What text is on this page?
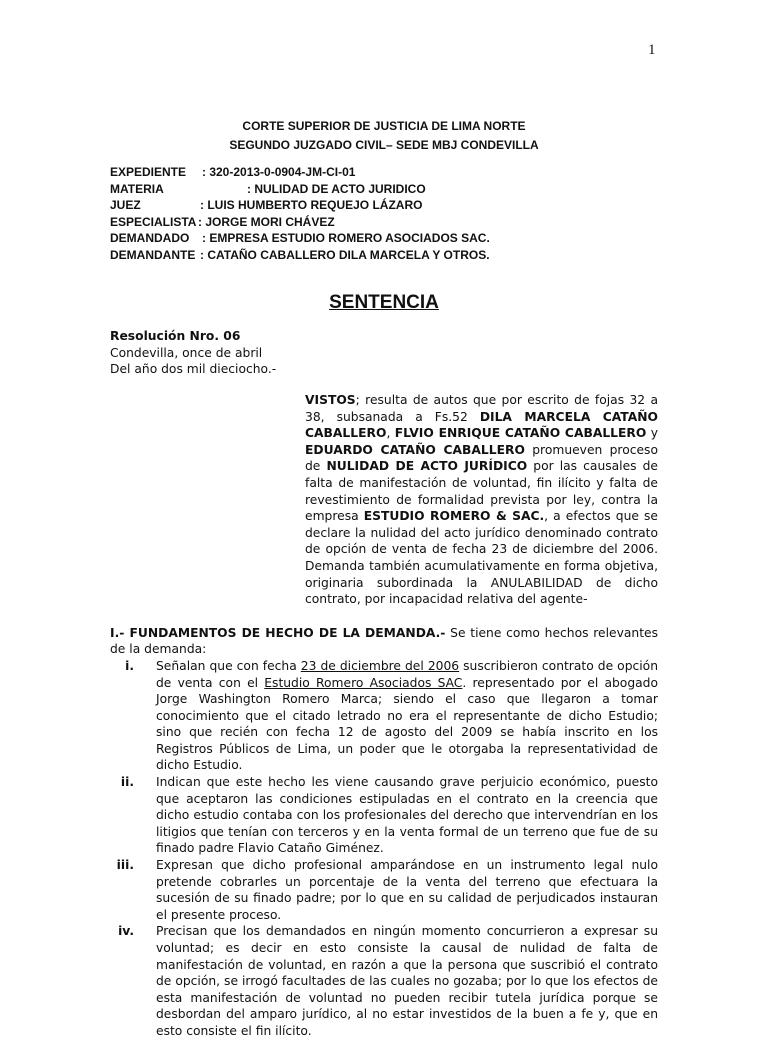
1
CORTE SUPERIOR DE JUSTICIA DE LIMA NORTE
SEGUNDO JUZGADO CIVIL– SEDE MBJ CONDEVILLA
EXPEDIENTE : 320-2013-0-0904-JM-CI-01
MATERIA	: NULIDAD DE ACTO JURIDICO
JUEZ	: LUIS HUMBERTO REQUEJO LÁZARO
ESPECIALISTA : JORGE MORI CHÁVEZ
DEMANDADO : EMPRESA ESTUDIO ROMERO ASOCIADOS SAC.
DEMANDANTE : CATAÑO CABALLERO DILA MARCELA Y OTROS.
SENTENCIA
Resolución Nro. 06
Condevilla, once de abril
Del año dos mil dieciocho.-

VISTOS; resulta de autos que por escrito de fojas 32 a 38, subsanada a Fs.52 DILA MARCELA CATAÑO CABALLERO, FLVIO ENRIQUE CATAÑO CABALLERO y EDUARDO CATAÑO CABALLERO promueven proceso de NULIDAD DE ACTO JURÍDICO por las causales de falta de manifestación de voluntad, fin ilícito y falta de revestimiento de formalidad prevista por ley, contra la empresa ESTUDIO ROMERO & SAC., a efectos que se declare la nulidad del acto jurídico denominado contrato de opción de venta de fecha 23 de diciembre del 2006. Demanda también acumulativamente en forma objetiva, originaria subordinada la ANULABILIDAD de dicho contrato, por incapacidad relativa del agente-

I.- FUNDAMENTOS DE HECHO DE LA DEMANDA.- Se tiene como hechos relevantes de la demanda:

i. Señalan que con fecha 23 de diciembre del 2006 suscribieron contrato de opción de venta con el Estudio Romero Asociados SAC. representado por el abogado Jorge Washington Romero Marca; siendo el caso que llegaron a tomar conocimiento que el citado letrado no era el representante de dicho Estudio; sino que recién con fecha 12 de agosto del 2009 se había inscrito en los Registros Públicos de Lima, un poder que le otorgaba la representatividad de dicho Estudio.
ii. Indican que este hecho les viene causando grave perjuicio económico, puesto que aceptaron las condiciones estipuladas en el contrato en la creencia que dicho estudio contaba con los profesionales del derecho que intervendrían en los litigios que tenían con terceros y en la venta formal de un terreno que fue de su finado padre Flavio Cataño Giménez.
iii. Expresan que dicho profesional amparándose en un instrumento legal nulo pretende cobrarles un porcentaje de la venta del terreno que efectuara la sucesión de su finado padre; por lo que en su calidad de perjudicados instauran el presente proceso.
iv. Precisan que los demandados en ningún momento concurrieron a expresar su voluntad; es decir en esto consiste la causal de nulidad de falta de manifestación de voluntad, en razón a que la persona que suscribió el contrato de opción, se irrogó facultades de las cuales no gozaba; por lo que los efectos de esta manifestación de voluntad no pueden recibir tutela jurídica porque se desbordan del amparo jurídico, al no estar investidos de la buen a fe y, que en esto consiste el fin ilícito.
